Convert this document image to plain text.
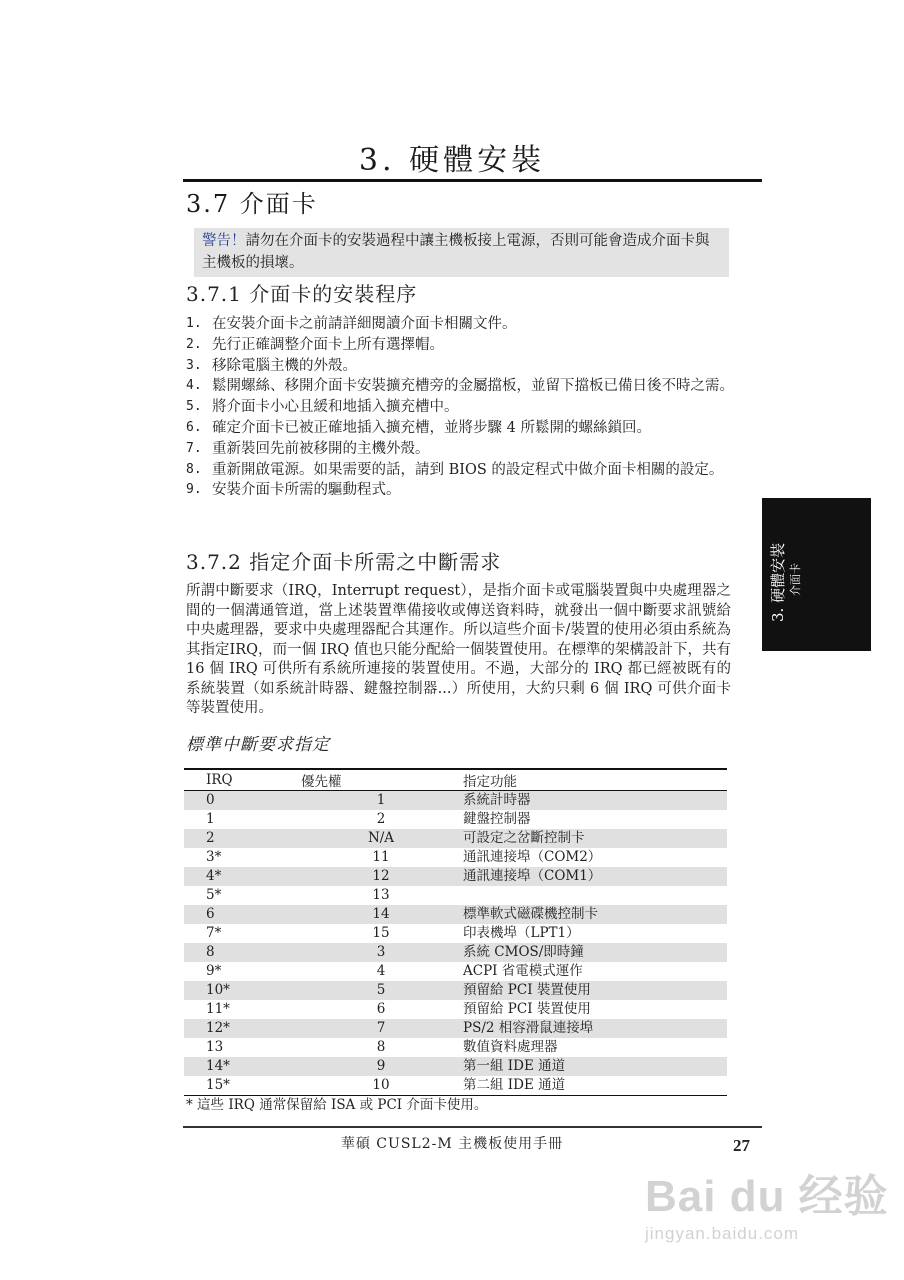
3. 硬體安裝
3.7 介面卡
警告！請勿在介面卡的安裝過程中讓主機板接上電源，否則可能會造成介面卡與主機板的損壞。
3.7.1 介面卡的安裝程序
1. 在安裝介面卡之前請詳細閱讀介面卡相關文件。
2. 先行正確調整介面卡上所有選擇帽。
3. 移除電腦主機的外殼。
4. 鬆開螺絲、移開介面卡安裝擴充槽旁的金屬擋板，並留下擋板已備日後不時之需。
5. 將介面卡小心且緩和地插入擴充槽中。
6. 確定介面卡已被正確地插入擴充槽，並將步驟 4 所鬆開的螺絲鎖回。
7. 重新裝回先前被移開的主機外殼。
8. 重新開啟電源。如果需要的話，請到 BIOS 的設定程式中做介面卡相關的設定。
9. 安裝介面卡所需的驅動程式。
3.7.2 指定介面卡所需之中斷需求
所謂中斷要求（IRQ，Interrupt request），是指介面卡或電腦裝置與中央處理器之間的一個溝通管道，當上述裝置準備接收或傳送資料時，就發出一個中斷要求訊號給中央處理器，要求中央處理器配合其運作。所以這些介面卡/裝置的使用必須由系統為其指定IRQ，而一個 IRQ 值也只能分配給一個裝置使用。在標準的架構設計下，共有 16 個 IRQ 可供所有系統所連接的裝置使用。不過，大部分的 IRQ 都已經被既有的系統裝置（如系統計時器、鍵盤控制器...）所使用，大約只剩 6 個 IRQ 可供介面卡等裝置使用。
標準中斷要求指定
IRQ	優先權	指定功能
0	1	系統計時器
1	2	鍵盤控制器
2	N/A	可設定之岔斷控制卡
3*	11	通訊連接埠（COM2）
4*	12	通訊連接埠（COM1）
5*	13	
6	14	標準軟式磁碟機控制卡
7*	15	印表機埠（LPT1）
8	3	系統 CMOS/即時鐘
9*	4	ACPI 省電模式運作
10*	5	預留給 PCI 裝置使用
11*	6	預留給 PCI 裝置使用
12*	7	PS/2 相容滑鼠連接埠
13	8	數值資料處理器
14*	9	第一組 IDE 通道
15*	10	第二組 IDE 通道
* 這些 IRQ 通常保留給 ISA 或 PCI 介面卡使用。
華碩 CUSL2-M 主機板使用手冊	27
3. 硬體安裝 介面卡
Bai du 经验
jingyan.baidu.com
